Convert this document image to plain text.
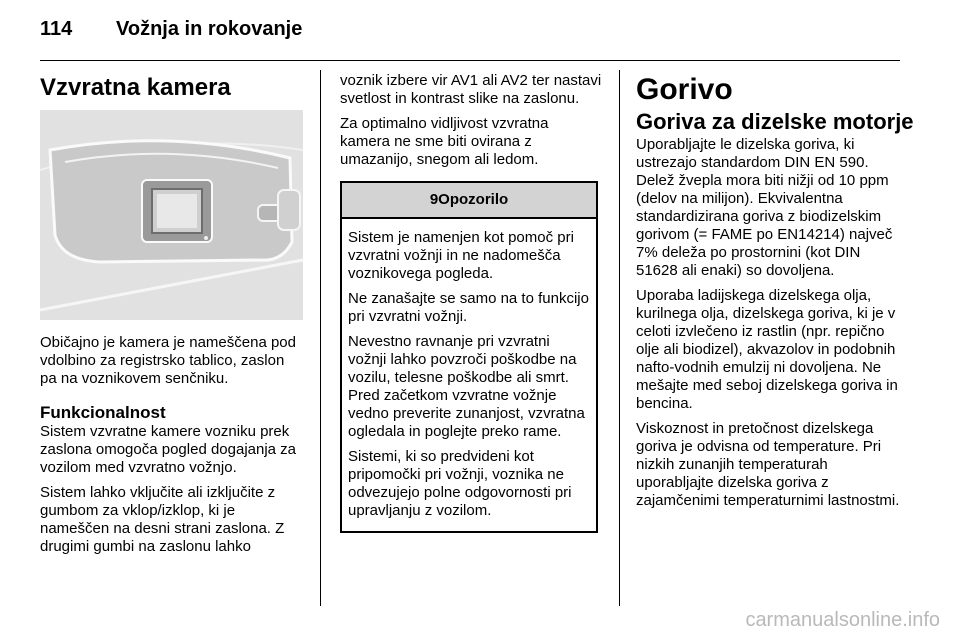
114 Vožnja in rokovanje
Vzvratna kamera

Običajno je kamera je nameščena pod vdolbino za registrsko tablico, zaslon pa na voznikovem senčniku.

Funkcionalnost

Sistem vzvratne kamere vozniku prek zaslona omogoča pogled dogajanja za vozilom med vzvratno vožnjo.

Sistem lahko vključite ali izključite z gumbom za vklop/izklop, ki je nameščen na desni strani zaslona. Z drugimi gumbi na zaslonu lahko

voznik izbere vir AV1 ali AV2 ter nastavi svetlost in kontrast slike na zaslonu.

Za optimalno vidljivost vzvratna kamera ne sme biti ovirana z umazanijo, snegom ali ledom.

9Opozorilo

Sistem je namenjen kot pomoč pri vzvratni vožnji in ne nadomešča voznikovega pogleda.

Ne zanašajte se samo na to funkcijo pri vzvratni vožnji.

Nevestno ravnanje pri vzvratni vožnji lahko povzroči poškodbe na vozilu, telesne poškodbe ali smrt. Pred začetkom vzvratne vožnje vedno preverite zunanjost, vzvratna ogledala in poglejte preko rame.

Sistemi, ki so predvideni kot pripomočki pri vožnji, voznika ne odvezujejo polne odgovornosti pri upravljanju z vozilom.

Gorivo
Goriva za dizelske motorje

Uporabljajte le dizelska goriva, ki ustrezajo standardom DIN EN 590. Delež žvepla mora biti nižji od 10 ppm (delov na milijon). Ekvivalentna standardizirana goriva z biodizelskim gorivom (= FAME po EN14214) največ 7% deleža po prostornini (kot DIN 51628 ali enaki) so dovoljena.

Uporaba ladijskega dizelskega olja, kurilnega olja, dizelskega goriva, ki je v celoti izvlečeno iz rastlin (npr. repično olje ali biodizel), akvazolov in podobnih nafto-vodnih emulzij ni dovoljena. Ne mešajte med seboj dizelskega goriva in bencina.

Viskoznost in pretočnost dizelskega goriva je odvisna od temperature. Pri nizkih zunanjih temperaturah uporabljajte dizelska goriva z zajamčenimi temperaturnimi lastnostmi.

carmanualsonline.info
